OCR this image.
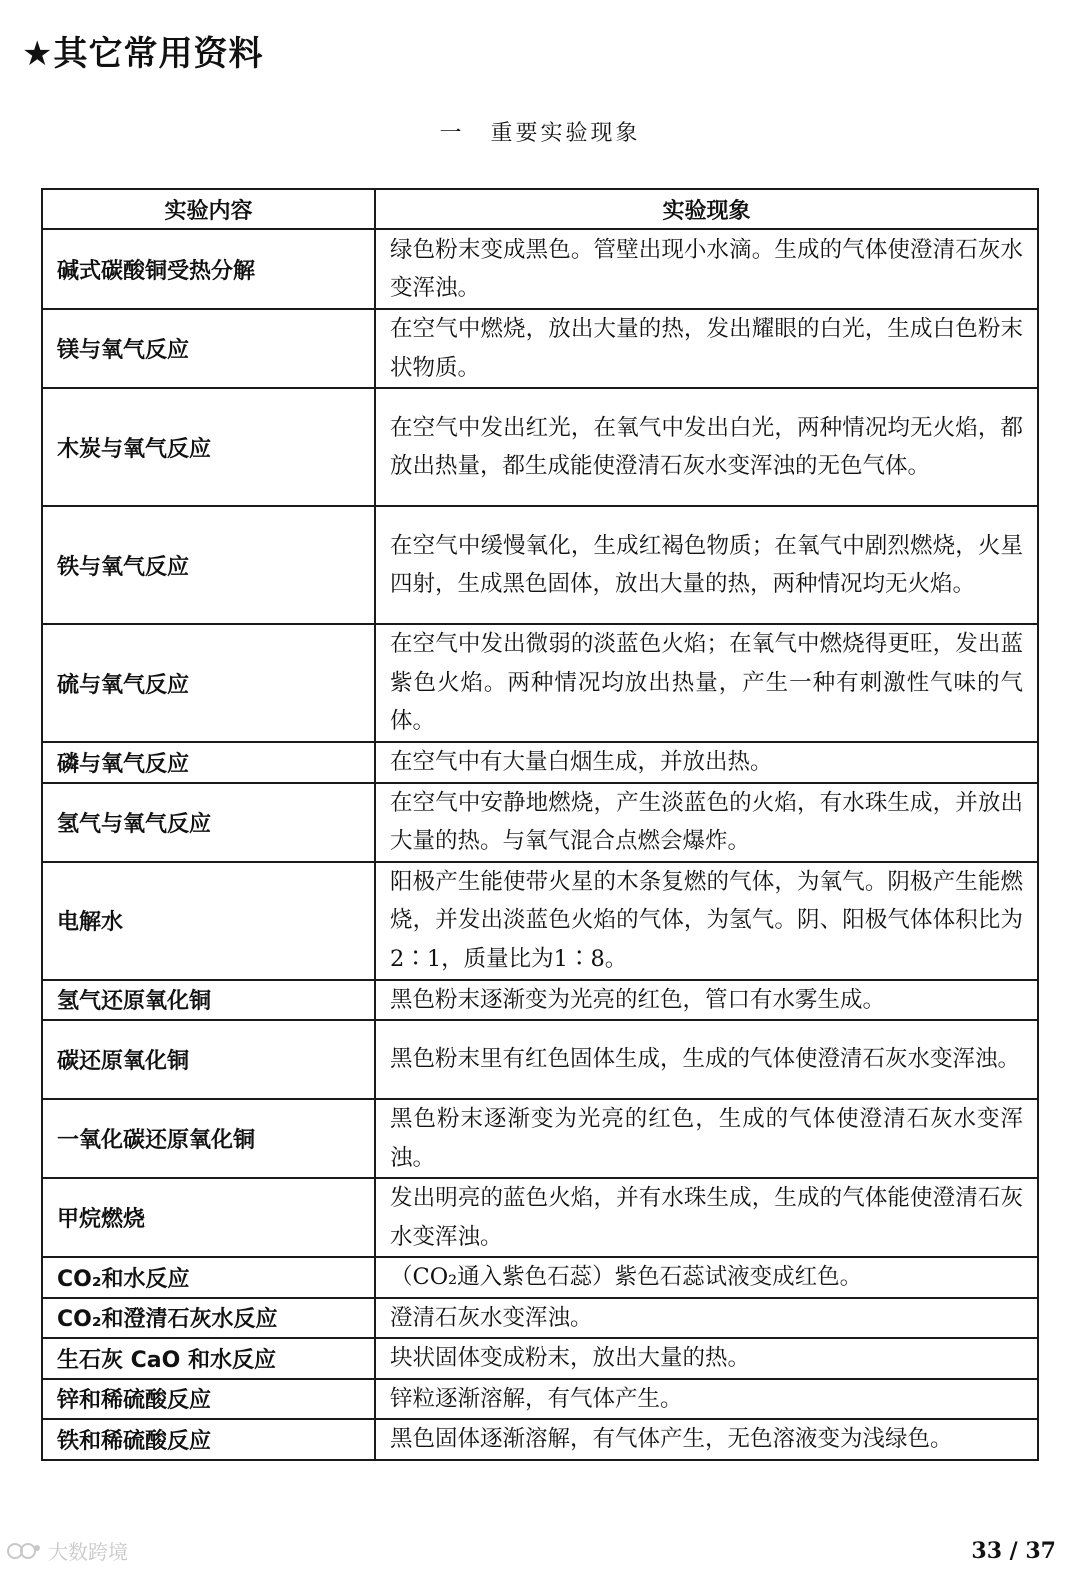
★其它常用资料
一 重要实验现象
实验内容	实验现象
碱式碳酸铜受热分解	绿色粉末变成黑色。管壁出现小水滴。生成的气体使澄清石灰水变浑浊。
镁与氧气反应	在空气中燃烧，放出大量的热，发出耀眼的白光，生成白色粉末状物质。
木炭与氧气反应	在空气中发出红光，在氧气中发出白光，两种情况均无火焰，都放出热量，都生成能使澄清石灰水变浑浊的无色气体。
铁与氧气反应	在空气中缓慢氧化，生成红褐色物质；在氧气中剧烈燃烧，火星四射，生成黑色固体，放出大量的热，两种情况均无火焰。
硫与氧气反应	在空气中发出微弱的淡蓝色火焰；在氧气中燃烧得更旺，发出蓝紫色火焰。两种情况均放出热量，产生一种有刺激性气味的气体。
磷与氧气反应	在空气中有大量白烟生成，并放出热。
氢气与氧气反应	在空气中安静地燃烧，产生淡蓝色的火焰，有水珠生成，并放出大量的热。与氧气混合点燃会爆炸。
电解水	阳极产生能使带火星的木条复燃的气体，为氧气。阴极产生能燃烧，并发出淡蓝色火焰的气体，为氢气。阴、阳极气体体积比为2∶1，质量比为1∶8。
氢气还原氧化铜	黑色粉末逐渐变为光亮的红色，管口有水雾生成。
碳还原氧化铜	黑色粉末里有红色固体生成，生成的气体使澄清石灰水变浑浊。
一氧化碳还原氧化铜	黑色粉末逐渐变为光亮的红色，生成的气体使澄清石灰水变浑浊。
甲烷燃烧	发出明亮的蓝色火焰，并有水珠生成，生成的气体能使澄清石灰水变浑浊。
CO₂和水反应	（CO₂通入紫色石蕊）紫色石蕊试液变成红色。
CO₂和澄清石灰水反应	澄清石灰水变浑浊。
生石灰 CaO 和水反应	块状固体变成粉末，放出大量的热。
锌和稀硫酸反应	锌粒逐渐溶解，有气体产生。
铁和稀硫酸反应	黑色固体逐渐溶解，有气体产生，无色溶液变为浅绿色。
大数跨境	33 / 37
